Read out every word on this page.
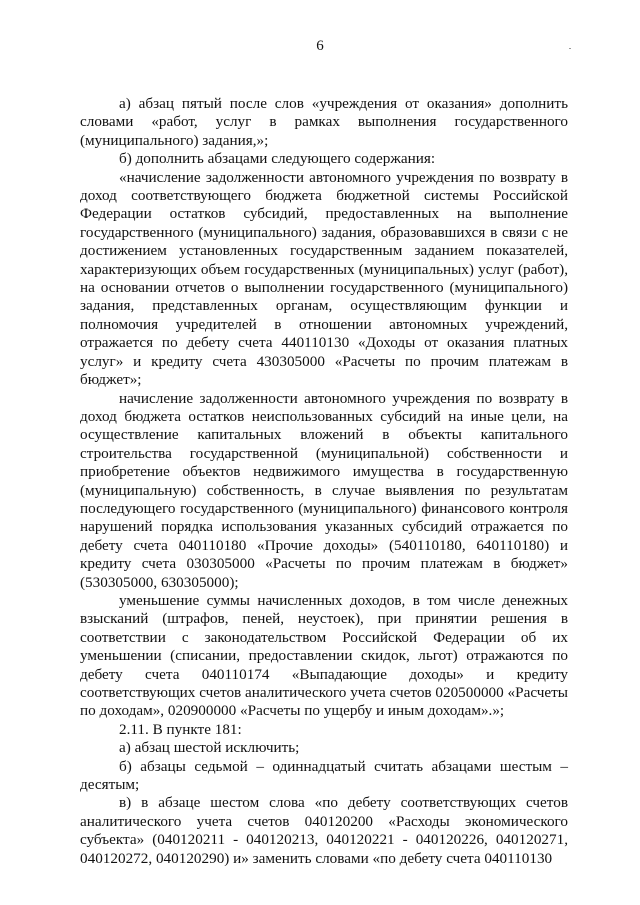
6

а) абзац пятый после слов «учреждения от оказания» дополнить словами «работ, услуг в рамках выполнения государственного (муниципального) задания,»;

б) дополнить абзацами следующего содержания:

«начисление задолженности автономного учреждения по возврату в доход соответствующего бюджета бюджетной системы Российской Федерации остатков субсидий, предоставленных на выполнение государственного (муниципального) задания, образовавшихся в связи с не достижением установленных государственным заданием показателей, характеризующих объем государственных (муниципальных) услуг (работ), на основании отчетов о выполнении государственного (муниципального) задания, представленных органам, осуществляющим функции и полномочия учредителей в отношении автономных учреждений, отражается по дебету счета 440110130 «Доходы от оказания платных услуг» и кредиту счета 430305000 «Расчеты по прочим платежам в бюджет»;

начисление задолженности автономного учреждения по возврату в доход бюджета остатков неиспользованных субсидий на иные цели, на осуществление капитальных вложений в объекты капитального строительства государственной (муниципальной) собственности и приобретение объектов недвижимого имущества в государственную (муниципальную) собственность, в случае выявления по результатам последующего государственного (муниципального) финансового контроля нарушений порядка использования указанных субсидий отражается по дебету счета 040110180 «Прочие доходы» (540110180, 640110180) и кредиту счета 030305000 «Расчеты по прочим платежам в бюджет» (530305000, 630305000);

уменьшение суммы начисленных доходов, в том числе денежных взысканий (штрафов, пеней, неустоек), при принятии решения в соответствии с законодательством Российской Федерации об их уменьшении (списании, предоставлении скидок, льгот) отражаются по дебету счета 040110174 «Выпадающие доходы» и кредиту соответствующих счетов аналитического учета счетов 020500000 «Расчеты по доходам», 020900000 «Расчеты по ущербу и иным доходам».»;

2.11. В пункте 181:

а) абзац шестой исключить;

б) абзацы седьмой – одиннадцатый считать абзацами шестым – десятым;

в) в абзаце шестом слова «по дебету соответствующих счетов аналитического учета счетов 040120200 «Расходы экономического субъекта» (040120211 - 040120213, 040120221 - 040120226, 040120271, 040120272, 040120290) и» заменить словами «по дебету счета 040110130
